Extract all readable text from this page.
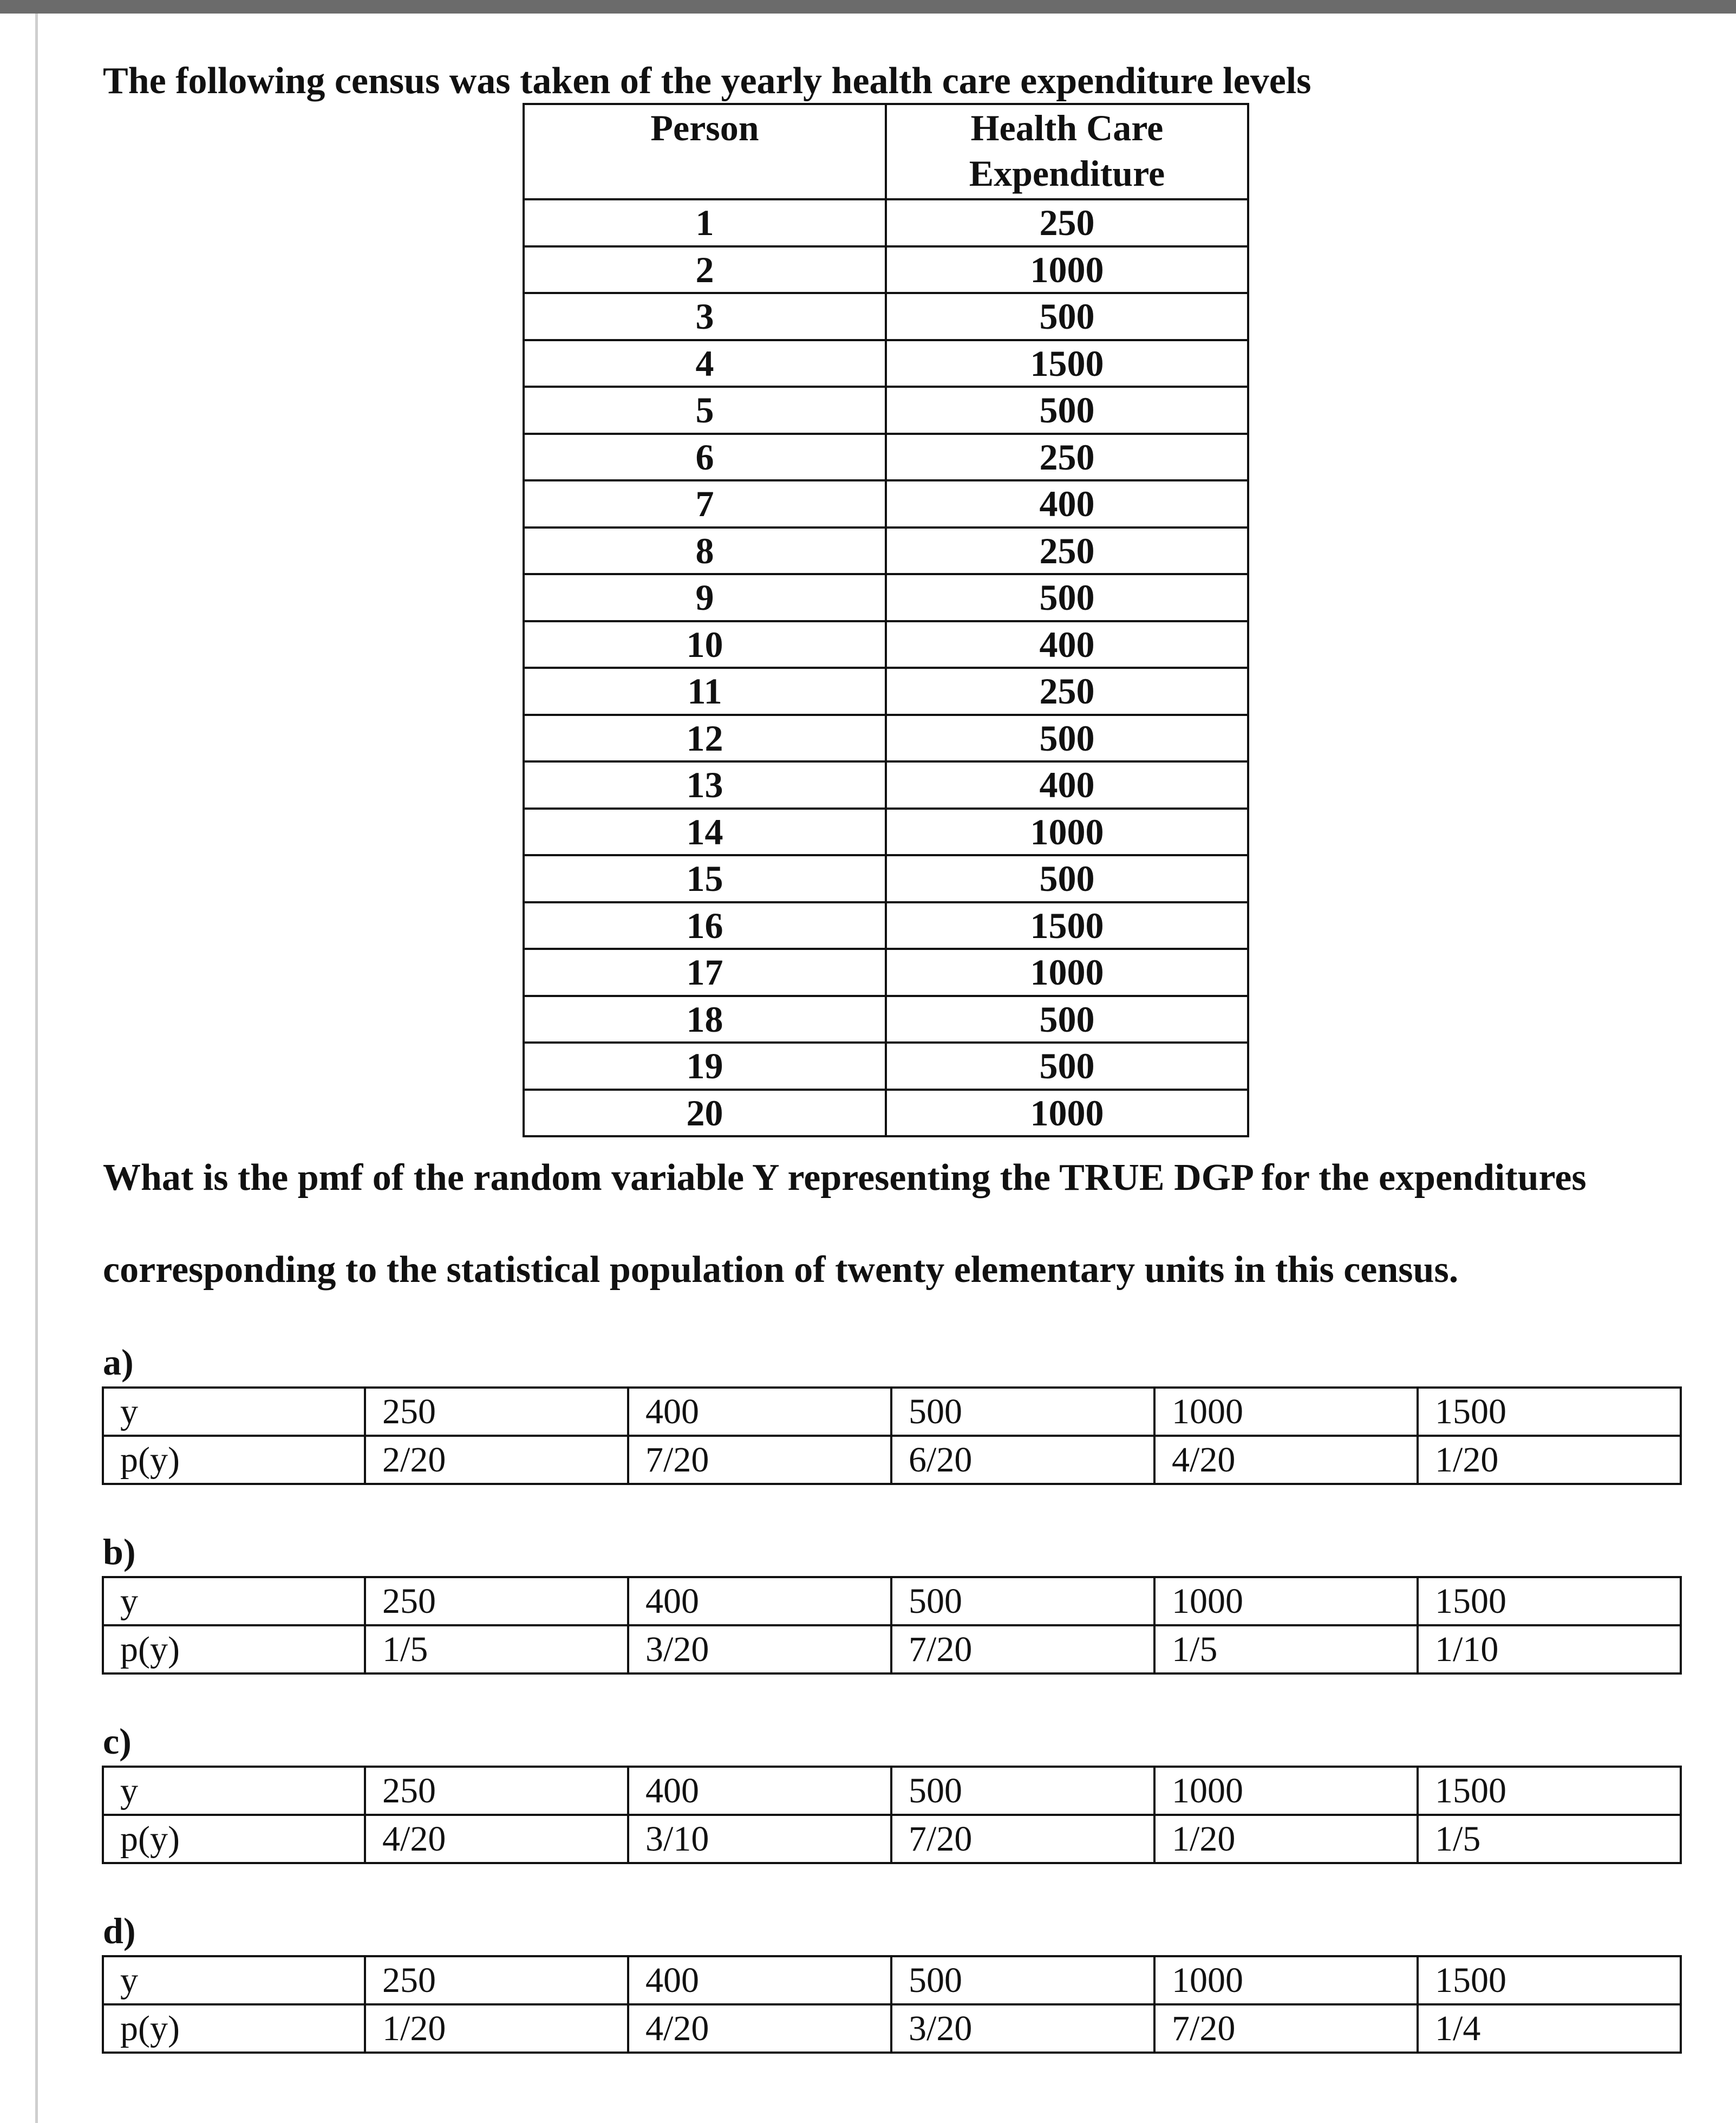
The following census was taken of the yearly health care expenditure levels
Person	Health Care Expenditure
1	250
2	1000
3	500
4	1500
5	500
6	250
7	400
8	250
9	500
10	400
11	250
12	500
13	400
14	1000
15	500
16	1500
17	1000
18	500
19	500
20	1000
What is the pmf of the random variable Y representing the TRUE DGP for the expenditures
corresponding to the statistical population of twenty elementary units in this census.
a)
y	250	400	500	1000	1500
p(y)	2/20	7/20	6/20	4/20	1/20
b)
y	250	400	500	1000	1500
p(y)	1/5	3/20	7/20	1/5	1/10
c)
y	250	400	500	1000	1500
p(y)	4/20	3/10	7/20	1/20	1/5
d)
y	250	400	500	1000	1500
p(y)	1/20	4/20	3/20	7/20	1/4
